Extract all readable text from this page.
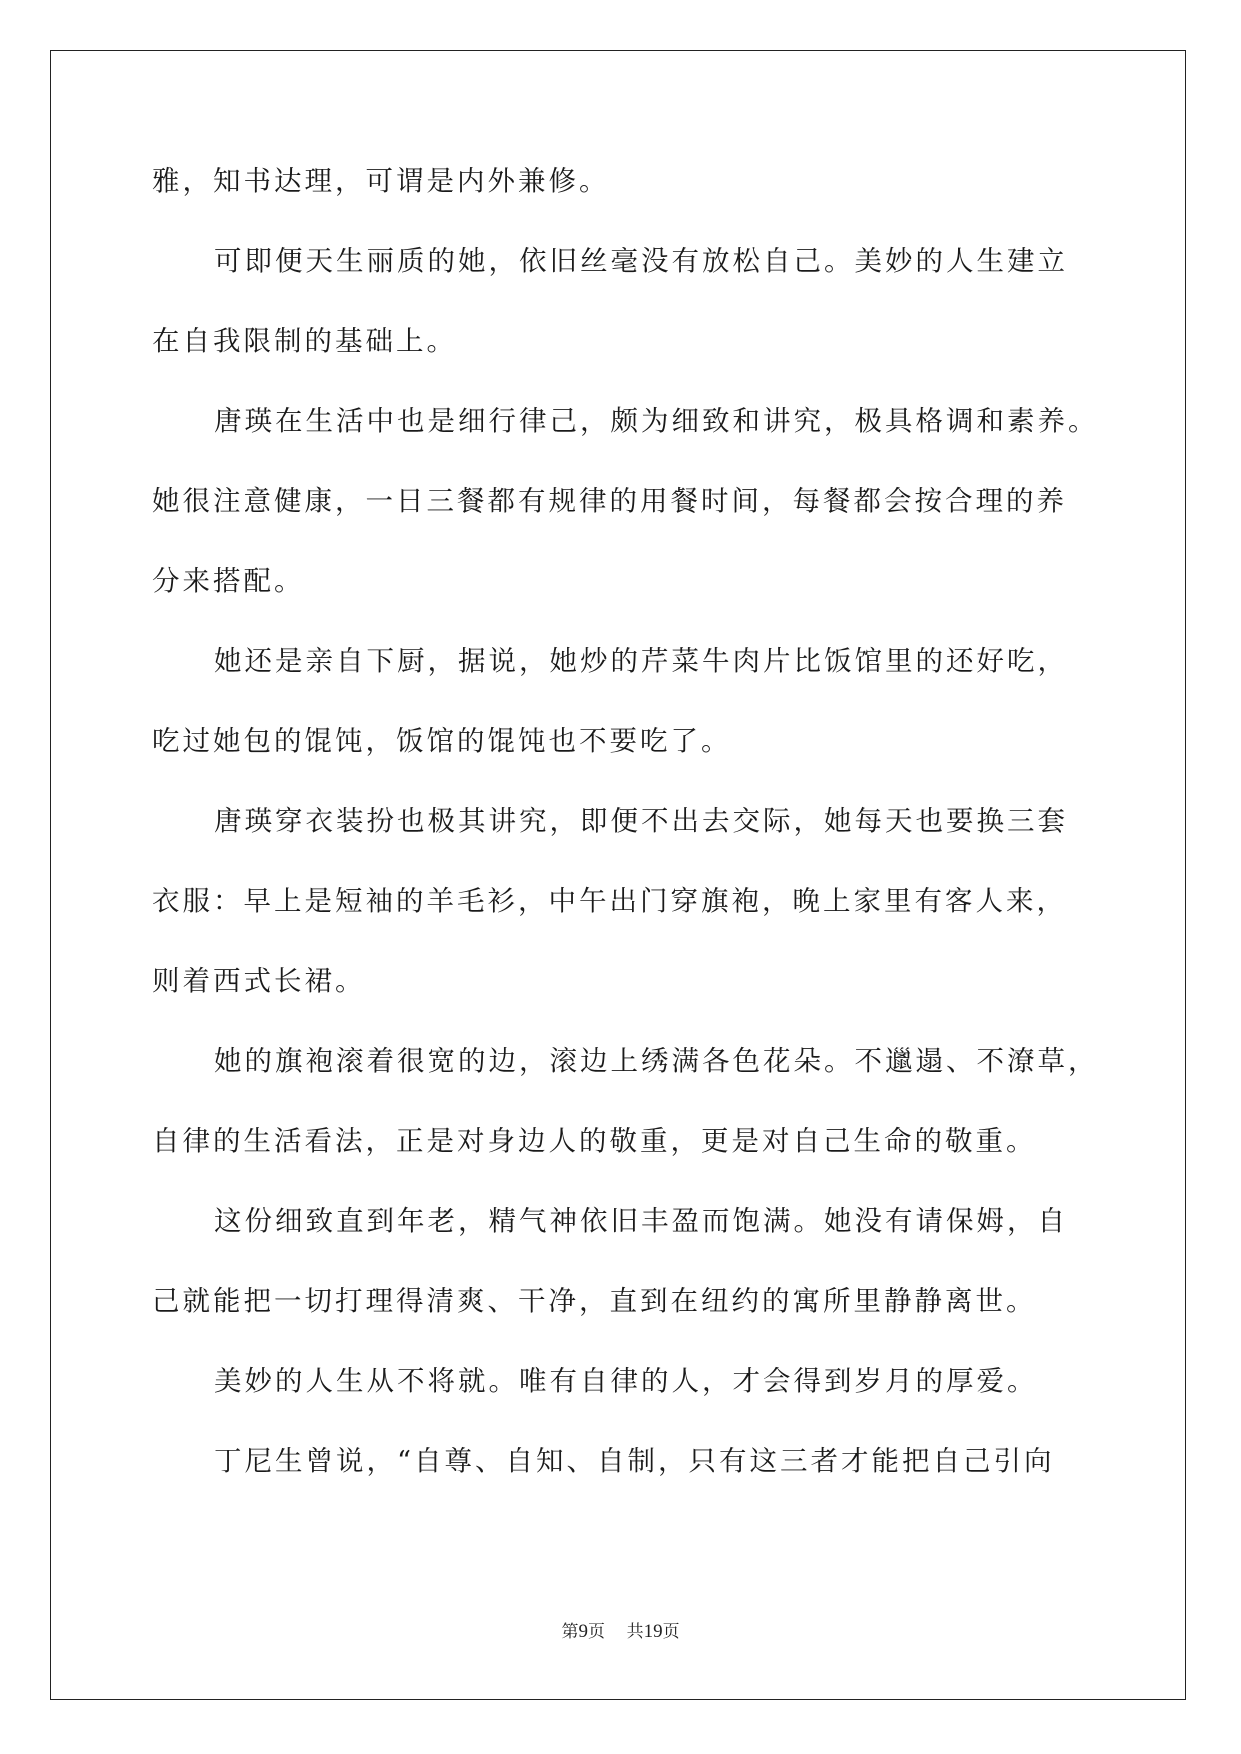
雅，知书达理，可谓是内外兼修。
可即便天生丽质的她，依旧丝毫没有放松自己。美妙的人生建立
在自我限制的基础上。
唐瑛在生活中也是细行律己，颇为细致和讲究，极具格调和素养。
她很注意健康，一日三餐都有规律的用餐时间，每餐都会按合理的养
分来搭配。
她还是亲自下厨，据说，她炒的芹菜牛肉片比饭馆里的还好吃，
吃过她包的馄饨，饭馆的馄饨也不要吃了。
唐瑛穿衣装扮也极其讲究，即便不出去交际，她每天也要换三套
衣服：早上是短袖的羊毛衫，中午出门穿旗袍，晚上家里有客人来，
则着西式长裙。
她的旗袍滚着很宽的边，滚边上绣满各色花朵。不邋遢、不潦草，
自律的生活看法，正是对身边人的敬重，更是对自己生命的敬重。
这份细致直到年老，精气神依旧丰盈而饱满。她没有请保姆，自
己就能把一切打理得清爽、干净，直到在纽约的寓所里静静离世。
美妙的人生从不将就。唯有自律的人，才会得到岁月的厚爱。
丁尼生曾说，“自尊、自知、自制，只有这三者才能把自己引向
第9页 共19页
